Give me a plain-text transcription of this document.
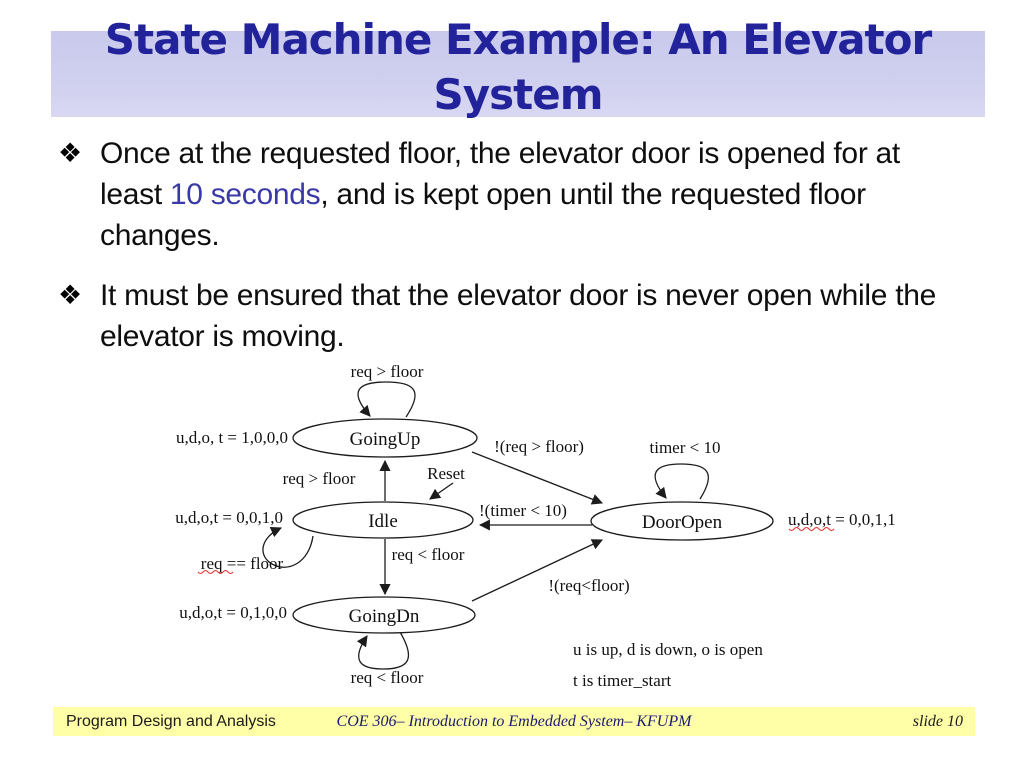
State Machine Example: An Elevator System
❖ Once at the requested floor, the elevator door is opened for at least 10 seconds, and is kept open until the requested floor changes.
❖ It must be ensured that the elevator door is never open while the elevator is moving.
GoingUp
Idle	DoorOpen
GoingDn
req > floor
u,d,o, t = 1,0,0,0	!(req > floor)	timer < 10
Reset
req > floor
!(timer < 10)
u,d,o,t = 0,0,1,0	u,d,o,t = 0,0,1,1
req == floor	req < floor
!(req<floor)
u,d,o,t = 0,1,0,0
req < floor
u is up, d is down, o is open
t is timer_start
Program Design and Analysis	COE 306– Introduction to Embedded System– KFUPM	slide 10
